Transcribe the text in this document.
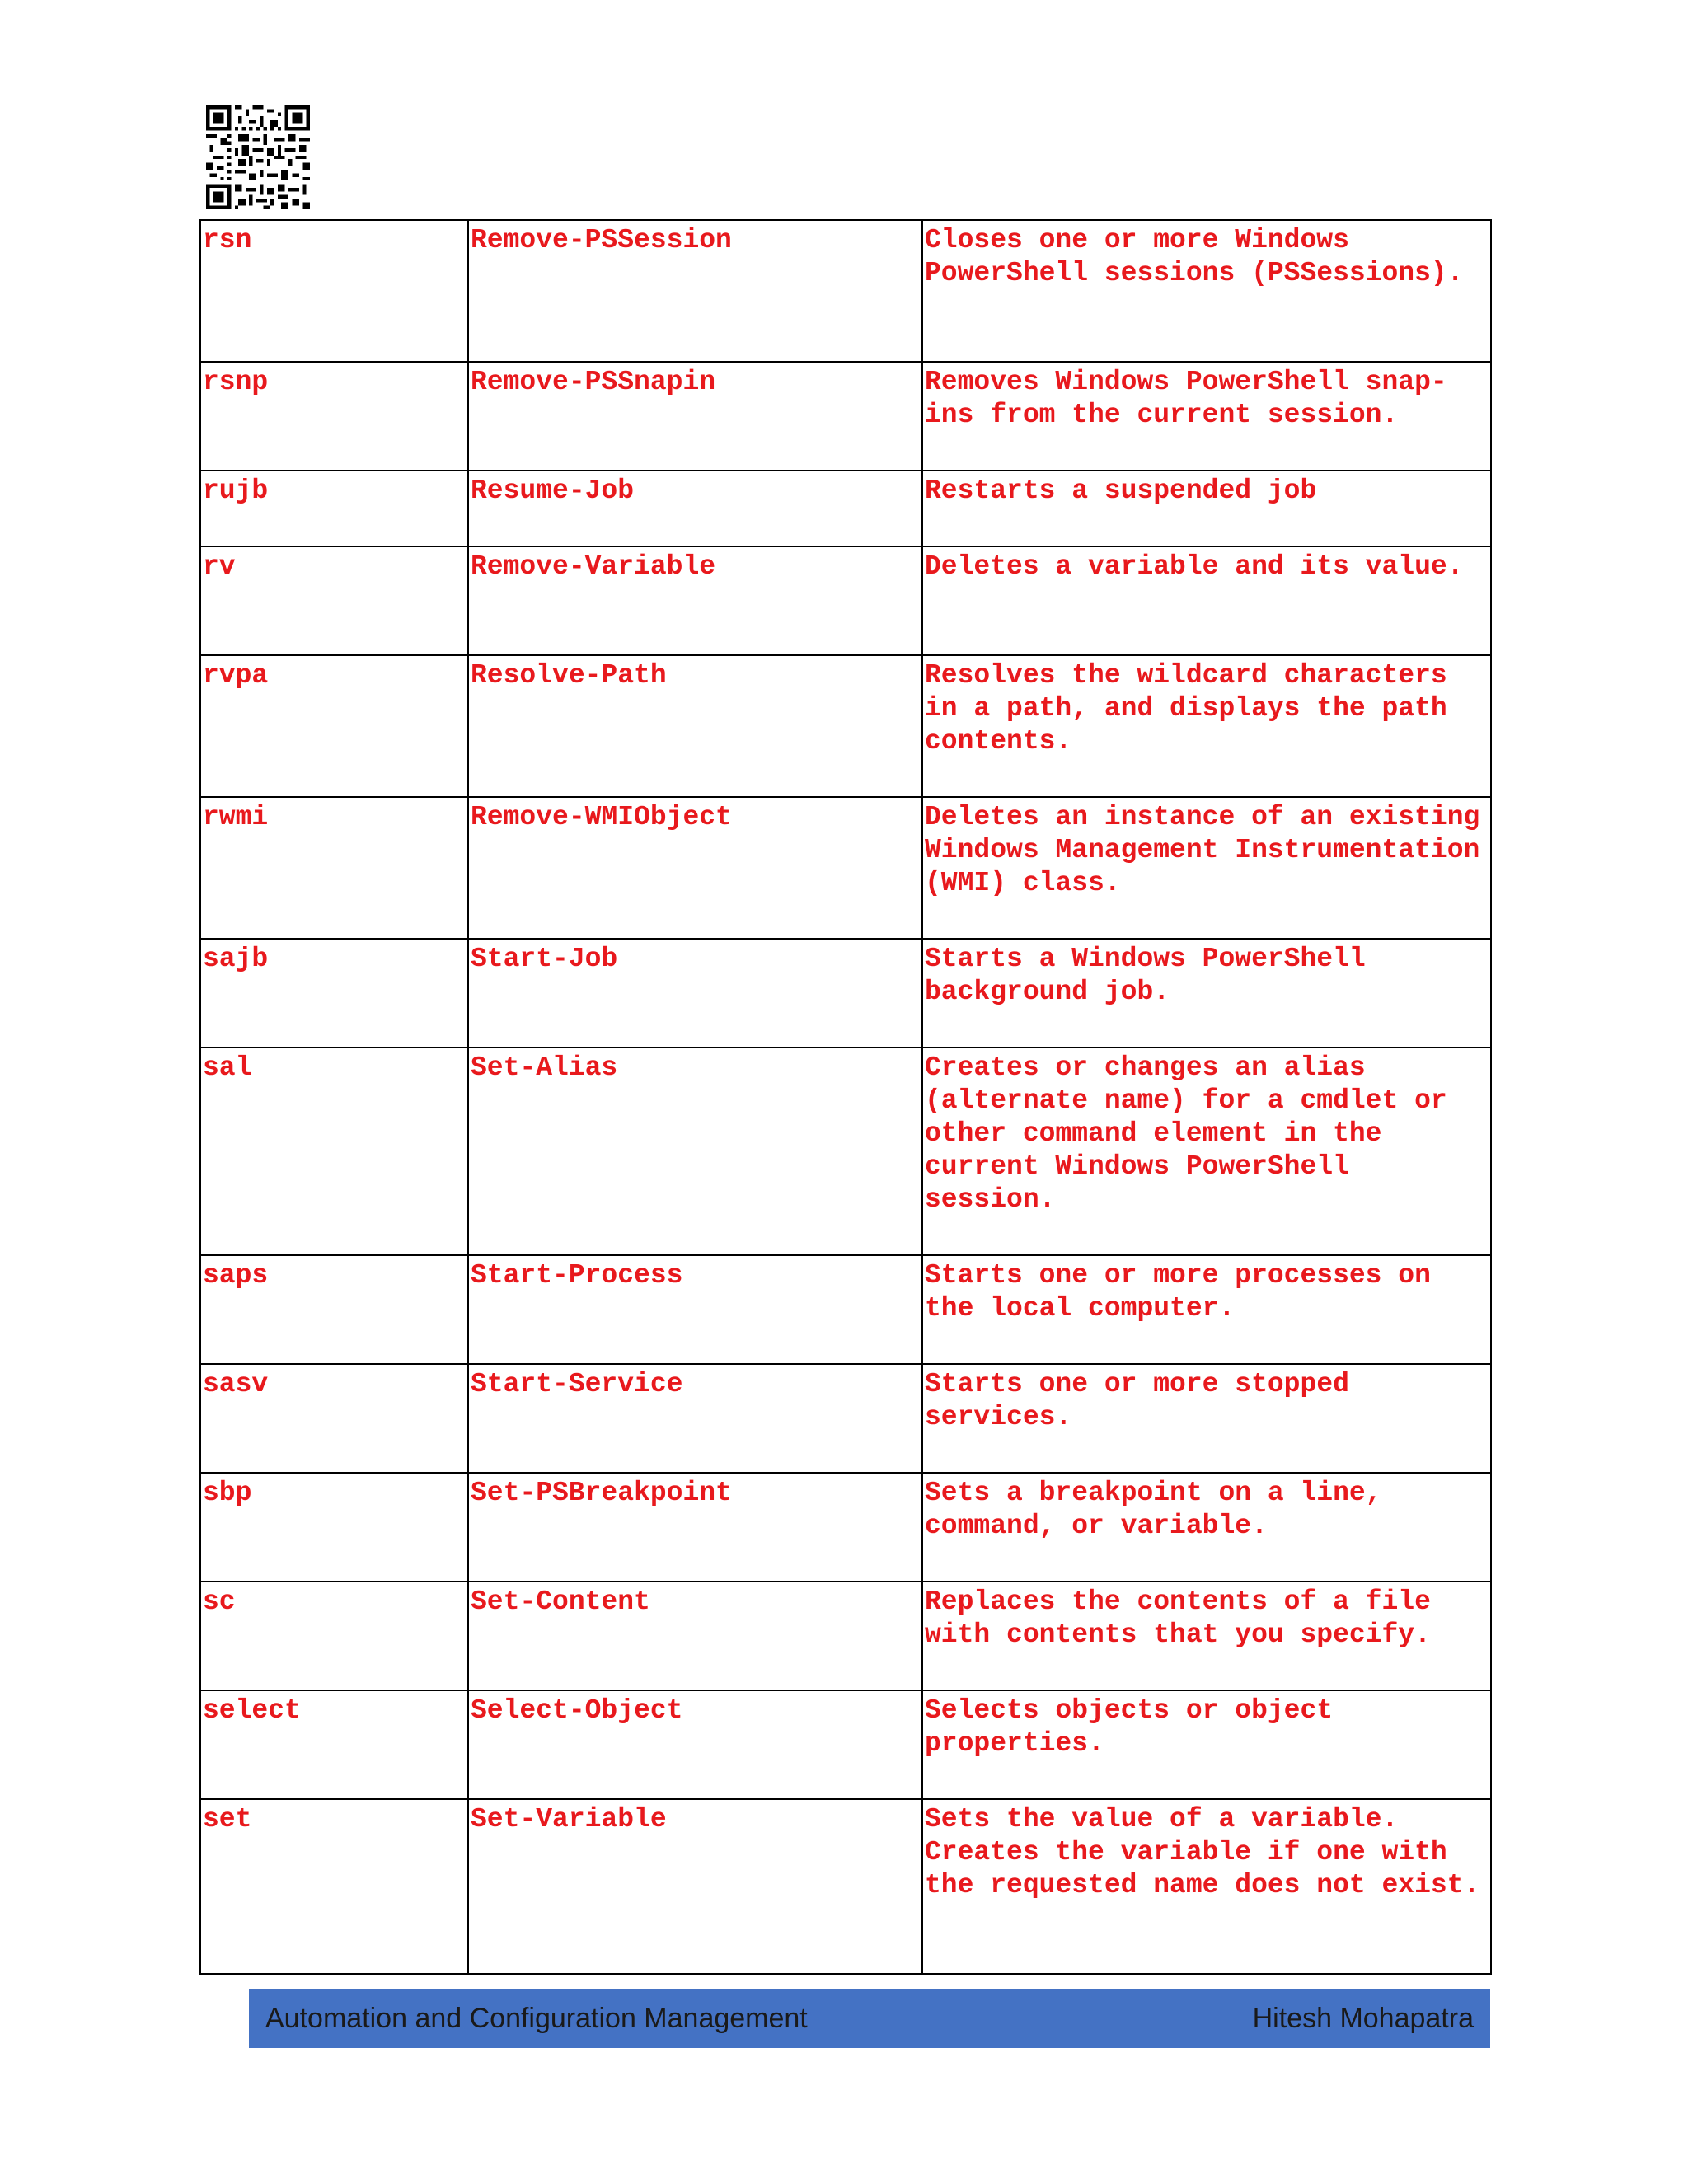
rsn	Remove-PSSession	Closes one or more Windows PowerShell sessions (PSSessions).
rsnp	Remove-PSSnapin	Removes Windows PowerShell snap-ins from the current session.
rujb	Resume-Job	Restarts a suspended job
rv	Remove-Variable	Deletes a variable and its value.
rvpa	Resolve-Path	Resolves the wildcard characters in a path, and displays the path contents.
rwmi	Remove-WMIObject	Deletes an instance of an existing Windows Management Instrumentation (WMI) class.
sajb	Start-Job	Starts a Windows PowerShell background job.
sal	Set-Alias	Creates or changes an alias (alternate name) for a cmdlet or other command element in the current Windows PowerShell session.
saps	Start-Process	Starts one or more processes on the local computer.
sasv	Start-Service	Starts one or more stopped services.
sbp	Set-PSBreakpoint	Sets a breakpoint on a line, command, or variable.
sc	Set-Content	Replaces the contents of a file with contents that you specify.
select	Select-Object	Selects objects or object properties.
set	Set-Variable	Sets the value of a variable. Creates the variable if one with the requested name does not exist.
Automation and Configuration Management	Hitesh Mohapatra
